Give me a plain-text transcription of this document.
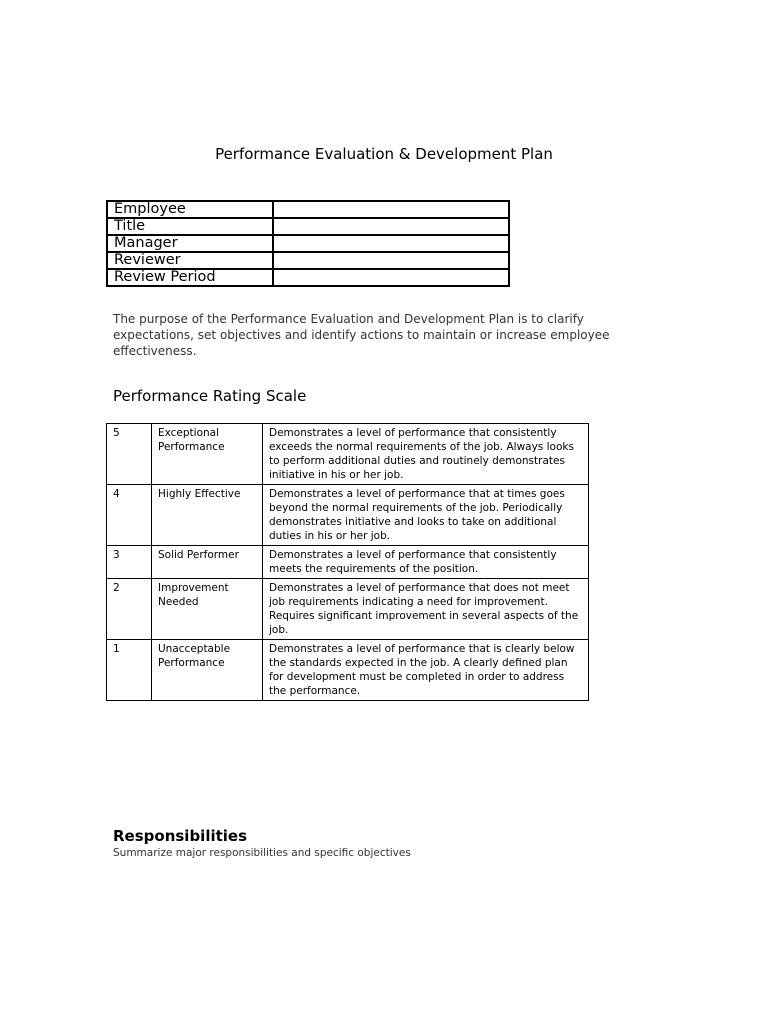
Performance Evaluation & Development Plan
Employee	
Title	
Manager	
Reviewer	
Review Period	
The purpose of the Performance Evaluation and Development Plan is to clarify expectations, set objectives and identify actions to maintain or increase employee effectiveness.
Performance Rating Scale
5	Exceptional Performance	Demonstrates a level of performance that consistently exceeds the normal requirements of the job. Always looks to perform additional duties and routinely demonstrates initiative in his or her job.
4	Highly Effective	Demonstrates a level of performance that at times goes beyond the normal requirements of the job. Periodically demonstrates initiative and looks to take on additional duties in his or her job.
3	Solid Performer	Demonstrates a level of performance that consistently meets the requirements of the position.
2	Improvement Needed	Demonstrates a level of performance that does not meet job requirements indicating a need for improvement. Requires significant improvement in several aspects of the job.
1	Unacceptable Performance	Demonstrates a level of performance that is clearly below the standards expected in the job. A clearly defined plan for development must be completed in order to address the performance.
Responsibilities
Summarize major responsibilities and specific objectives
